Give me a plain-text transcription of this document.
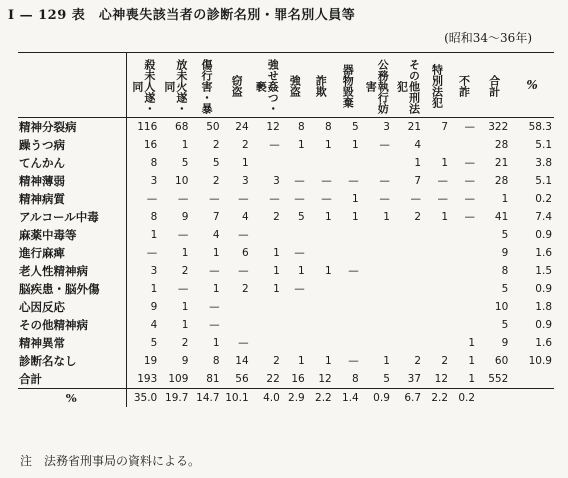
I — 129 表　心神喪失該当者の診断名別・罪名別人員等
(昭和34〜36年)

	殺未人遂・同	放未火遂・同	傷行害・暴	窃盗	強せ姦つ・褻	強盗	詐欺	器物毀棄	公務執行妨害	その他刑法犯	特別法犯	不詐	合計	%
精神分裂病	116	68	50	24	12	8	8	5	3	21	7	—	322	58.3
躁うつ病	16	1	2	2	—	1	1	1	—	4			28	5.1
てんかん	8	5	5	1						1	1	—	21	3.8
精神薄弱	3	10	2	3	3	—	—	—	—	7	—	—	28	5.1
精神病質	—	—	—	—	—	—	—	1	—	—	—	—	1	0.2
アルコール中毒	8	9	7	4	2	5	1	1	1	2	1	—	41	7.4
麻薬中毒等	1	—	4	—									5	0.9
進行麻痺	—	1	1	6	1	—							9	1.6
老人性精神病	3	2	—	—	1	1	1	—					8	1.5
脳疾患・脳外傷	1	—	1	2	1	—							5	0.9
心因反応	9	1	—										10	1.8
その他精神病	4	1	—										5	0.9
精神異常	5	2	1	—								1	9	1.6
診断名なし	19	9	8	14	2	1	1	—	1	2	2	1	60	10.9
合計	193	109	81	56	22	16	12	8	5	37	12	1	552	
%	35.0	19.7	14.7	10.1	4.0	2.9	2.2	1.4	0.9	6.7	2.2	0.2		
注　法務省刑事局の資料による。
